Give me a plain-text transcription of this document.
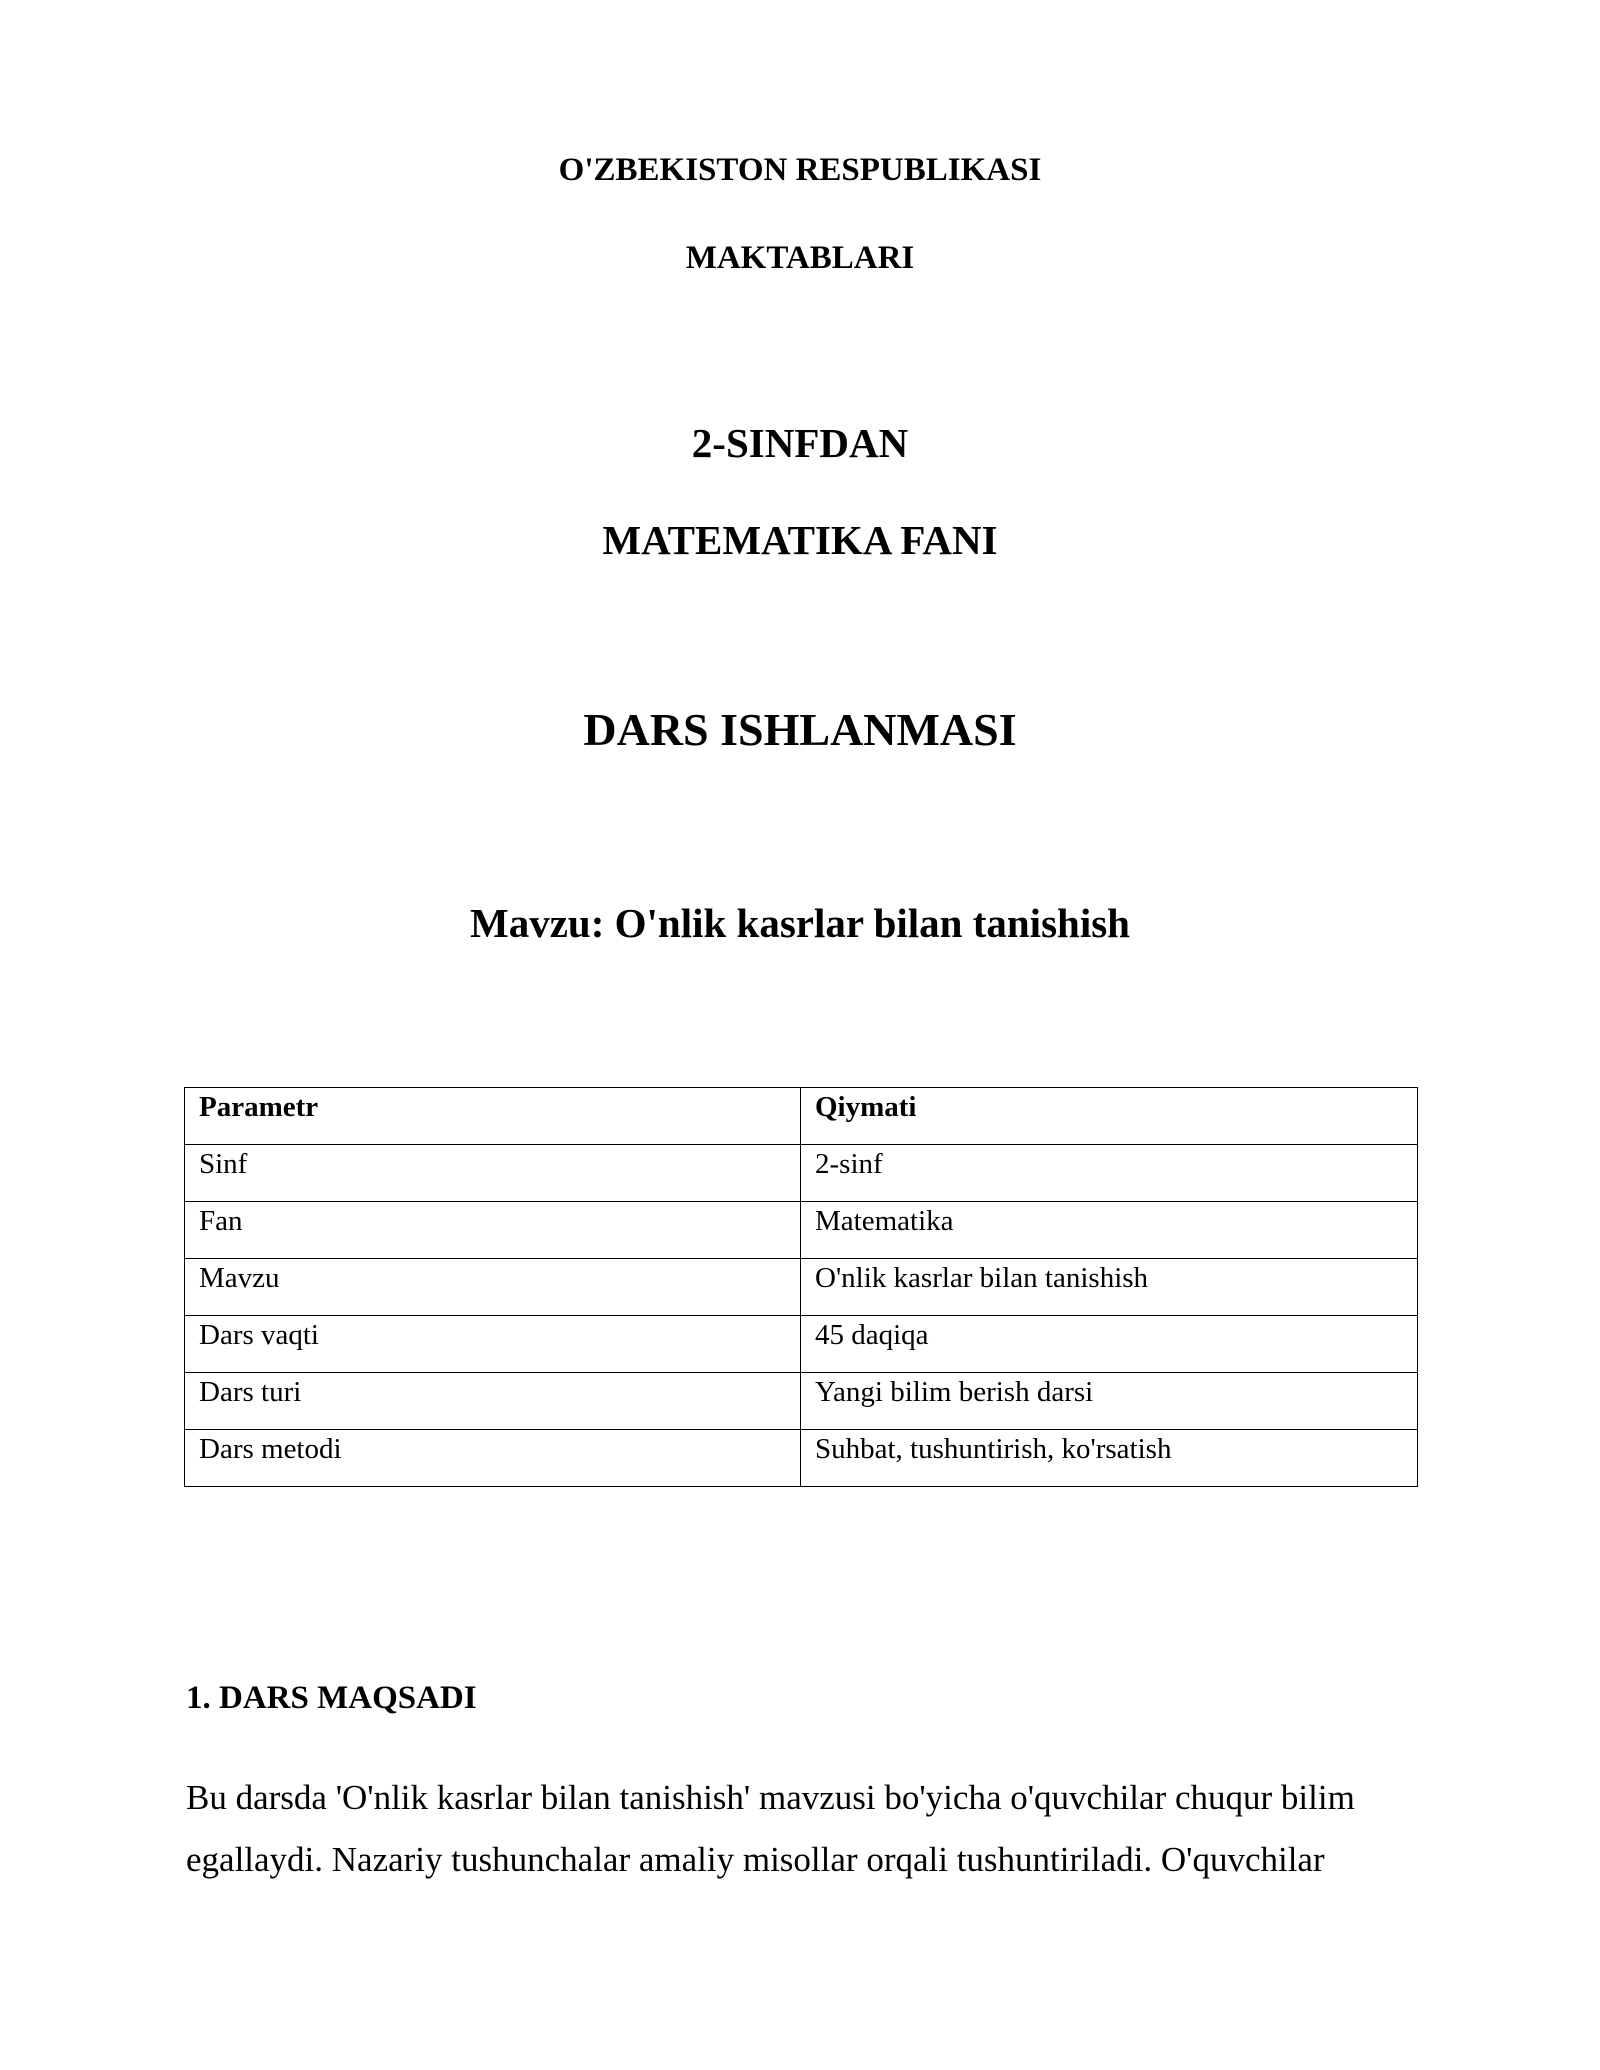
O'ZBEKISTON RESPUBLIKASI
MAKTABLARI
2-SINFDAN
MATEMATIKA FANI
DARS ISHLANMASI
Mavzu: O'nlik kasrlar bilan tanishish
Parametr	Qiymati
Sinf	2-sinf
Fan	Matematika
Mavzu	O'nlik kasrlar bilan tanishish
Dars vaqti	45 daqiqa
Dars turi	Yangi bilim berish darsi
Dars metodi	Suhbat, tushuntirish, ko'rsatish
1. DARS MAQSADI
Bu darsda 'O'nlik kasrlar bilan tanishish' mavzusi bo'yicha o'quvchilar chuqur bilim
egallaydi. Nazariy tushunchalar amaliy misollar orqali tushuntiriladi. O'quvchilar
